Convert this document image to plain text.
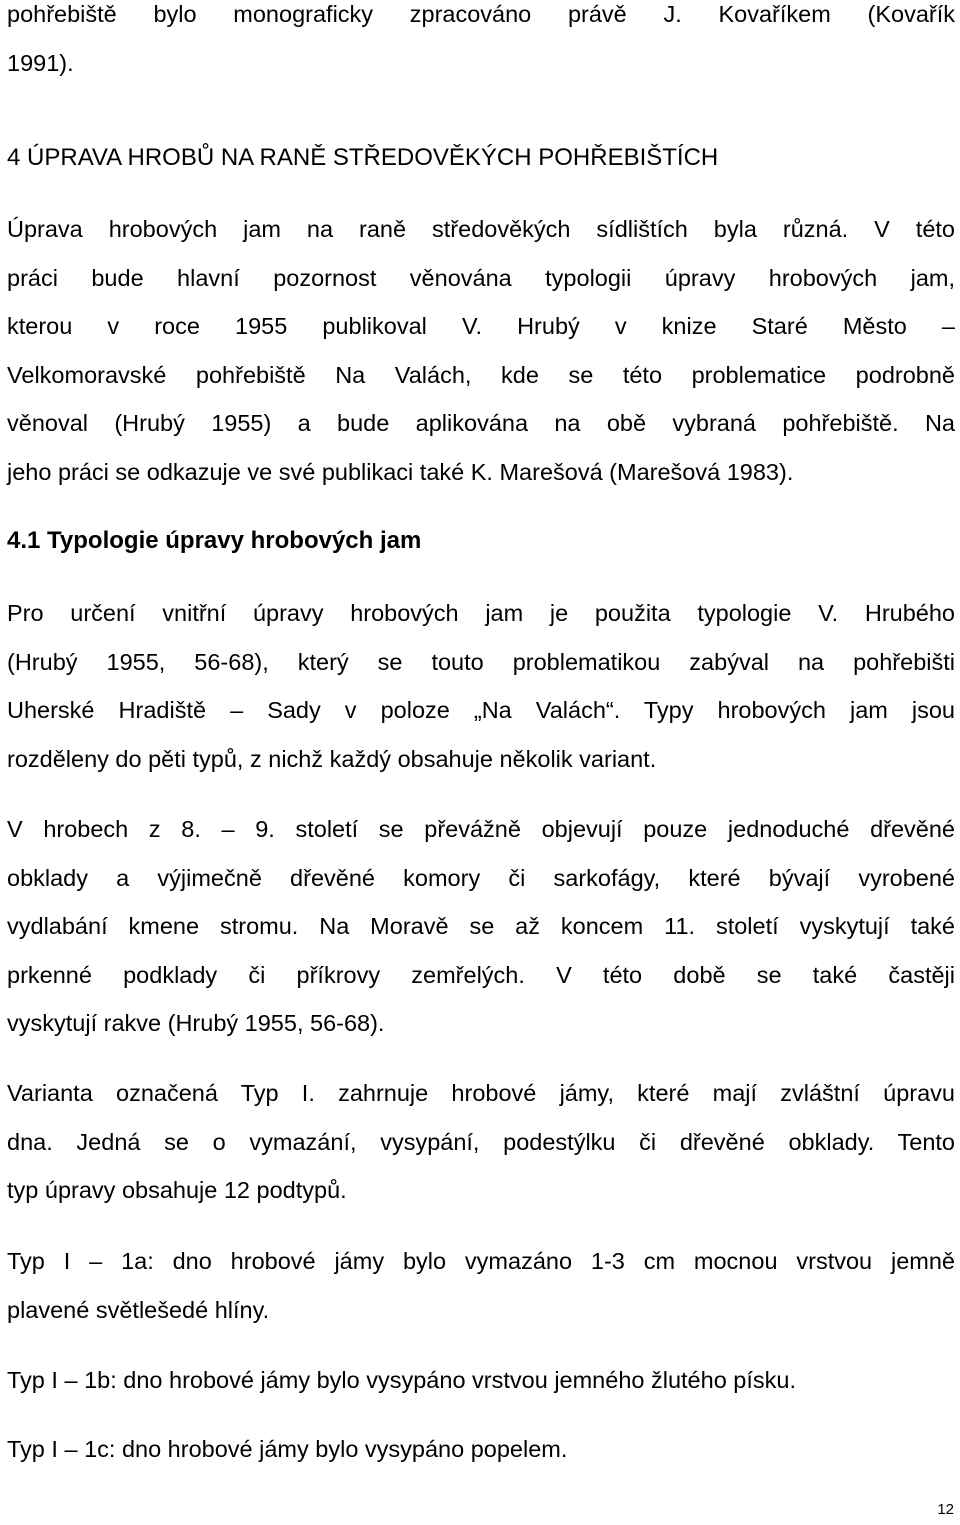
pohřebiště bylo monograficky zpracováno právě J. Kovaříkem (Kovařík
1991).

4 ÚPRAVA HROBŮ NA RANĚ STŘEDOVĚKÝCH POHŘEBIŠTÍCH

Úprava hrobových jam na raně středověkých sídlištích byla různá. V této
práci bude hlavní pozornost věnována typologii úpravy hrobových jam,
kterou v roce 1955 publikoval V. Hrubý v knize Staré Město –
Velkomoravské pohřebiště Na Valách, kde se této problematice podrobně
věnoval (Hrubý 1955) a bude aplikována na obě vybraná pohřebiště. Na
jeho práci se odkazuje ve své publikaci také K. Marešová (Marešová 1983).

4.1 Typologie úpravy hrobových jam

Pro určení vnitřní úpravy hrobových jam je použita typologie V. Hrubého
(Hrubý 1955, 56-68), který se touto problematikou zabýval na pohřebišti
Uherské Hradiště – Sady v poloze „Na Valách“. Typy hrobových jam jsou
rozděleny do pěti typů, z nichž každý obsahuje několik variant.

V hrobech z 8. – 9. století se převážně objevují pouze jednoduché dřevěné
obklady a výjimečně dřevěné komory či sarkofágy, které bývají vyrobené
vydlabání kmene stromu. Na Moravě se až koncem 11. století vyskytují také
prkenné podklady či příkrovy zemřelých. V této době se také častěji
vyskytují rakve (Hrubý 1955, 56-68).

Varianta označená Typ I. zahrnuje hrobové jámy, které mají zvláštní úpravu
dna. Jedná se o vymazání, vysypání, podestýlku či dřevěné obklady. Tento
typ úpravy obsahuje 12 podtypů.

Typ I – 1a: dno hrobové jámy bylo vymazáno 1-3 cm mocnou vrstvou jemně
plavené světlešedé hlíny.

Typ I – 1b: dno hrobové jámy bylo vysypáno vrstvou jemného žlutého písku.

Typ I – 1c: dno hrobové jámy bylo vysypáno popelem.

12
